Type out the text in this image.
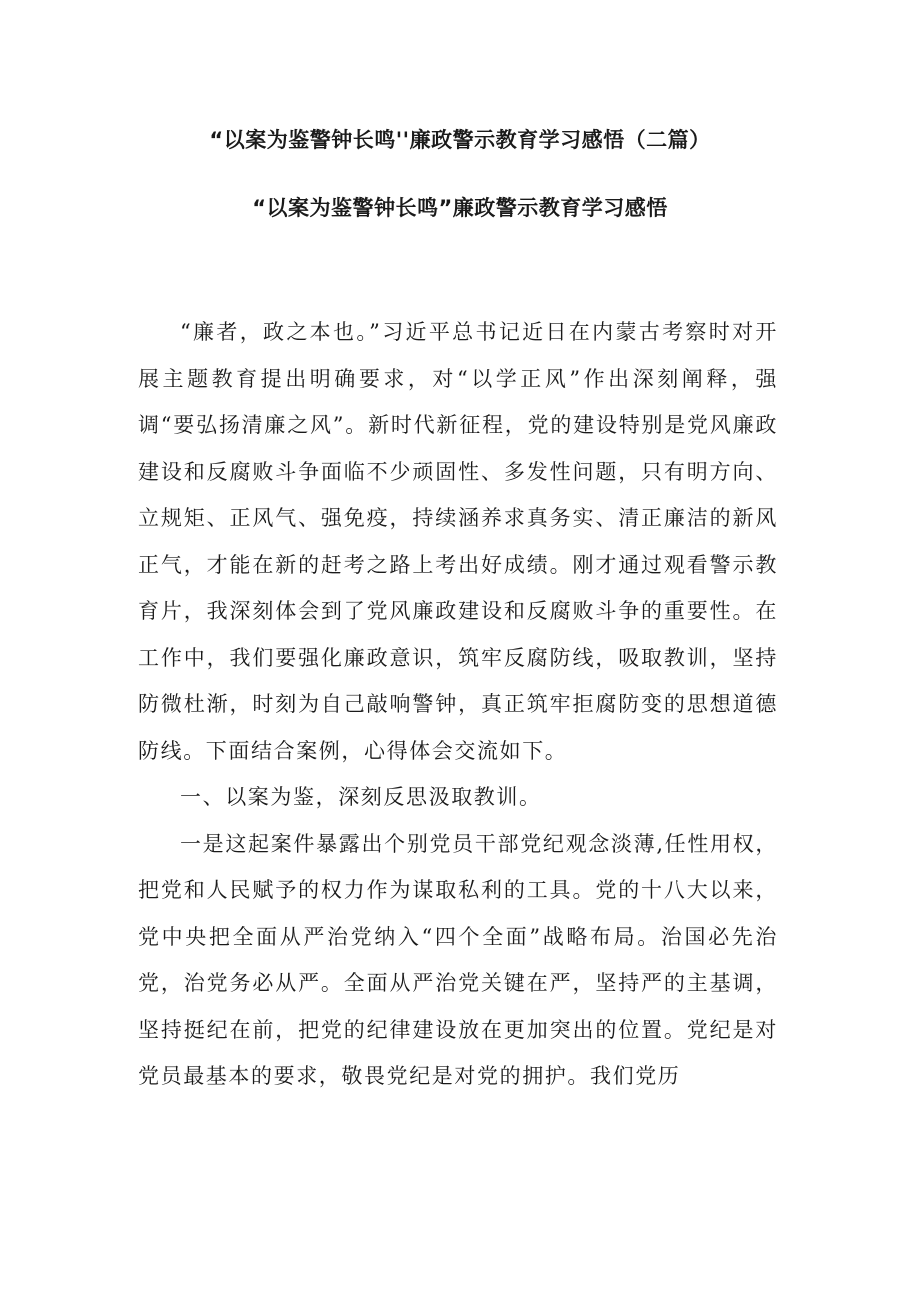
“以案为鉴警钟长鸣''廉政警示教育学习感悟（二篇）
“以案为鉴警钟长鸣”廉政警示教育学习感悟

“廉者，政之本也。”习近平总书记近日在内蒙古考察时对开展主题教育提出明确要求，对“以学正风”作出深刻阐释，强调“要弘扬清廉之风”。新时代新征程，党的建设特别是党风廉政建设和反腐败斗争面临不少顽固性、多发性问题，只有明方向、立规矩、正风气、强免疫，持续涵养求真务实、清正廉洁的新风正气，才能在新的赶考之路上考出好成绩。刚才通过观看警示教育片，我深刻体会到了党风廉政建设和反腐败斗争的重要性。在工作中，我们要强化廉政意识，筑牢反腐防线，吸取教训，坚持防微杜渐，时刻为自己敲响警钟，真正筑牢拒腐防变的思想道德防线。下面结合案例，心得体会交流如下。

一、以案为鉴，深刻反思汲取教训。

一是这起案件暴露出个别党员干部党纪观念淡薄,任性用权，把党和人民赋予的权力作为谋取私利的工具。党的十八大以来，党中央把全面从严治党纳入“四个全面”战略布局。治国必先治党，治党务必从严。全面从严治党关键在严，坚持严的主基调，坚持挺纪在前，把党的纪律建设放在更加突出的位置。党纪是对党员最基本的要求，敬畏党纪是对党的拥护。我们党历
